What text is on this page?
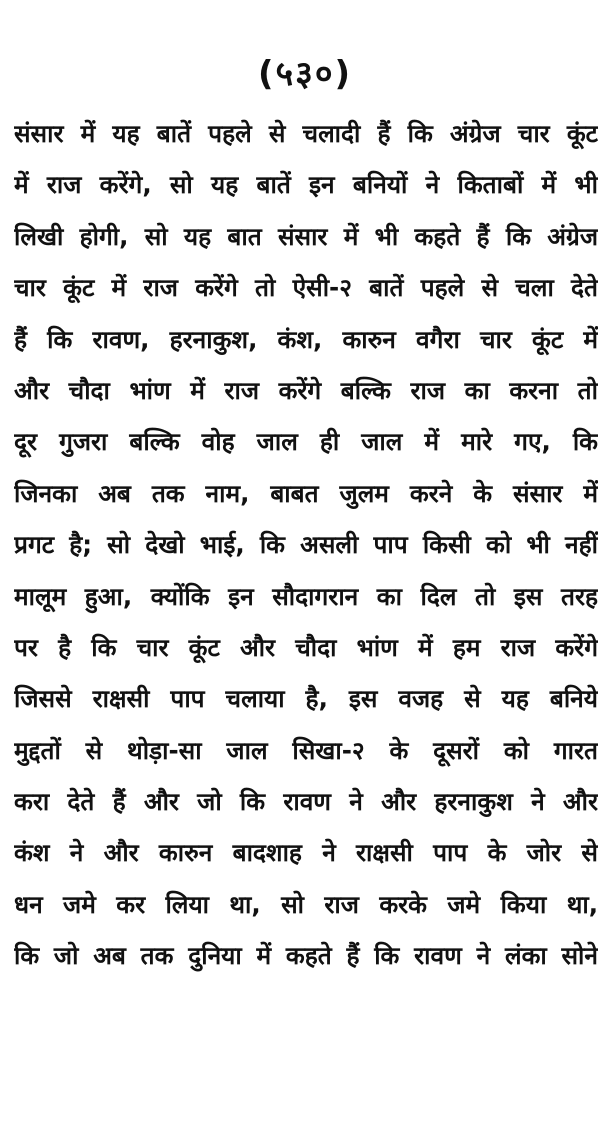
(५३०)
संसार में यह बातें पहले से चलादी हैं कि अंग्रेज चार कूंट
में राज करेंगे, सो यह बातें इन बनियों ने किताबों में भी
लिखी होगी, सो यह बात संसार में भी कहते हैं कि अंग्रेज
चार कूंट में राज करेंगे तो ऐसी-२ बातें पहले से चला देते
हैं कि रावण, हरनाकुश, कंश, कारुन वगैरा चार कूंट में
और चौदा भांण में राज करेंगे बल्कि राज का करना तो
दूर गुजरा बल्कि वोह जाल ही जाल में मारे गए, कि
जिनका अब तक नाम, बाबत जुलम करने के संसार में
प्रगट है; सो देखो भाई, कि असली पाप किसी को भी नहीं
मालूम हुआ, क्योंकि इन सौदागरान का दिल तो इस तरह
पर है कि चार कूंट और चौदा भांण में हम राज करेंगे
जिससे राक्षसी पाप चलाया है, इस वजह से यह बनिये
मुद्दतों से थोड़ा-सा जाल सिखा-२ के दूसरों को गारत
करा देते हैं और जो कि रावण ने और हरनाकुश ने और
कंश ने और कारुन बादशाह ने राक्षसी पाप के जोर से
धन जमे कर लिया था, सो राज करके जमे किया था,
कि जो अब तक दुनिया में कहते हैं कि रावण ने लंका सोने
